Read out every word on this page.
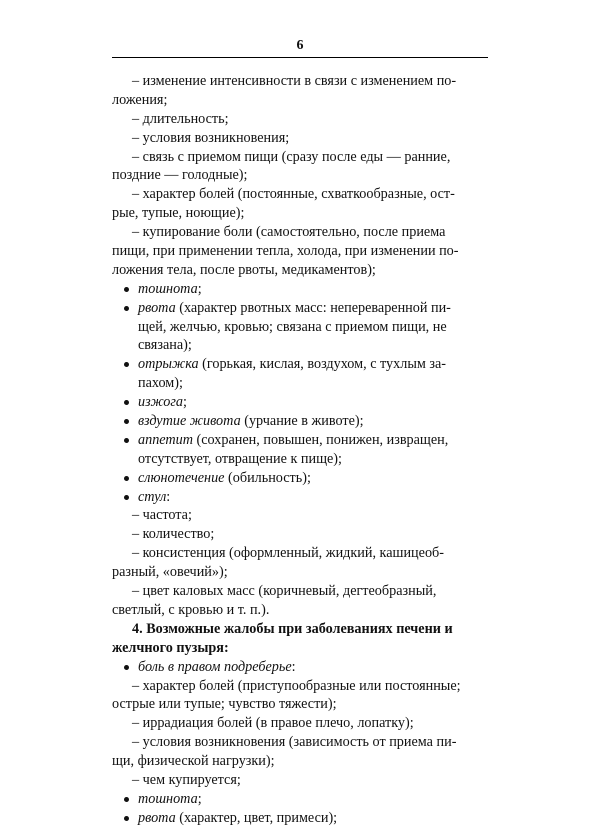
6
– изменение интенсивности в связи с изменением по-
ложения;
– длительность;
– условия возникновения;
– связь с приемом пищи (сразу после еды — ранние,
поздние — голодные);
– характер болей (постоянные, схваткообразные, ост-
рые, тупые, ноющие);
– купирование боли (самостоятельно, после приема
пищи, при применении тепла, холода, при изменении по-
ложения тела, после рвоты, медикаментов);
тошнота;
рвота (характер рвотных масс: непереваренной пи-
щей, желчью, кровью; связана с приемом пищи, не
связана);
отрыжка (горькая, кислая, воздухом, с тухлым за-
пахом);
изжога;
вздутие живота (урчание в животе);
аппетит (сохранен, повышен, понижен, извращен,
отсутствует, отвращение к пище);
слюнотечение (обильность);
стул:
– частота;
– количество;
– консистенция (оформленный, жидкий, кашицеоб-
разный, «овечий»);
– цвет каловых масс (коричневый, дегтеобразный,
светлый, с кровью и т. п.).
4. Возможные жалобы при заболеваниях печени и
желчного пузыря:
боль в правом подреберье:
– характер болей (приступообразные или постоянные;
острые или тупые; чувство тяжести);
– иррадиация болей (в правое плечо, лопатку);
– условия возникновения (зависимость от приема пи-
щи, физической нагрузки);
– чем купируется;
тошнота;
рвота (характер, цвет, примеси);
